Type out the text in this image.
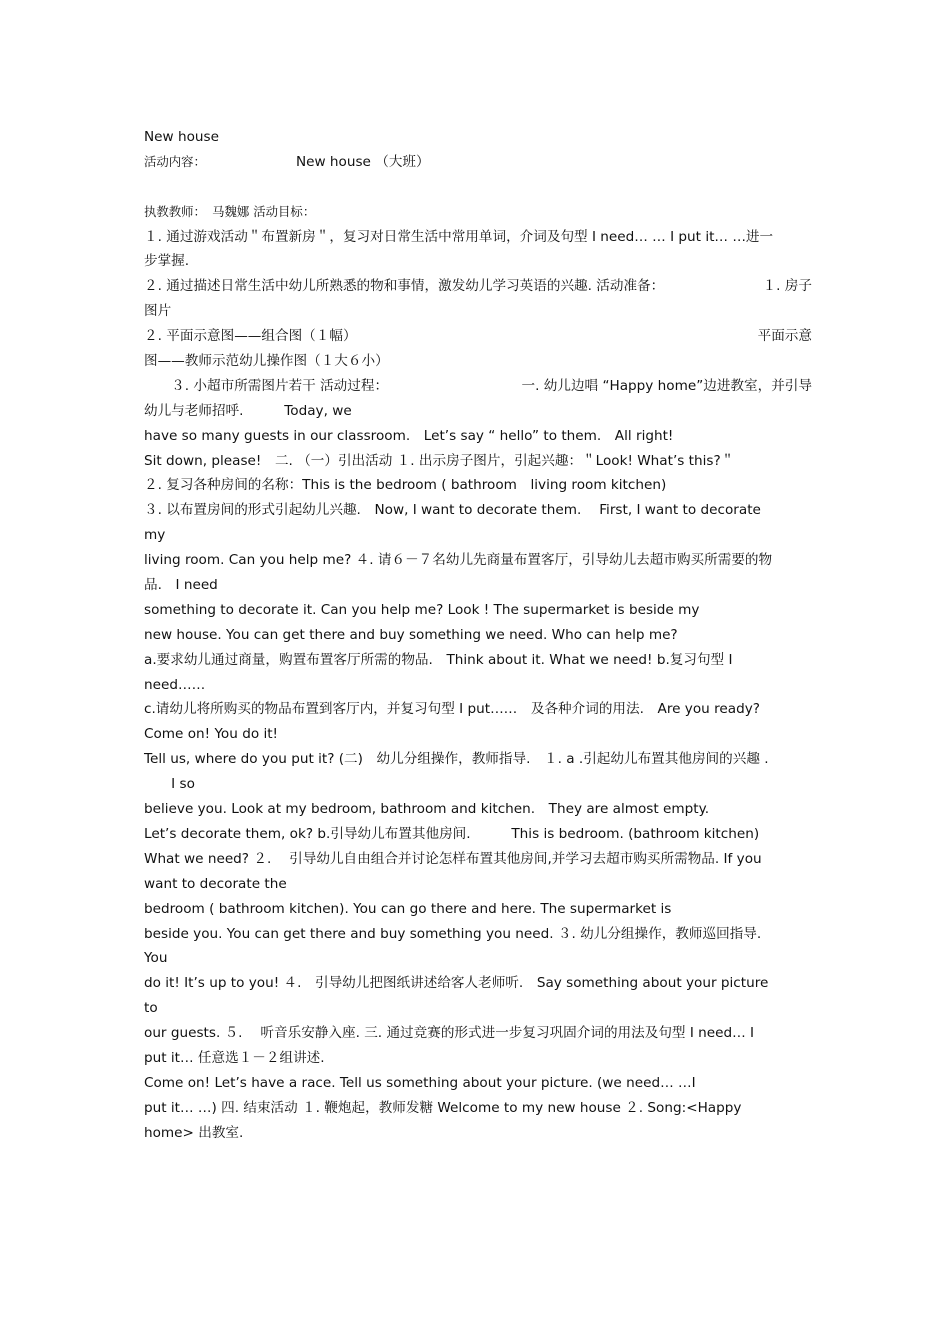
New house
活动内容：	New house （大班）
执教教师：　马魏娜 活动目标：
１. 通过游戏活动＂布置新房＂，复习对日常生活中常用单词，介词及句型 I need… … I put it… …进一
步掌握.
２. 通过描述日常生活中幼儿所熟悉的物和事情，激发幼儿学习英语的兴趣. 活动准备：	１. 房子
图片
２. 平面示意图——组合图（１幅）	平面示意
图——教师示范幼儿操作图（１大６小）
　　３. 小超市所需图片若干 活动过程：	一. 幼儿边唱 “Happy home”边进教室，并引导
幼儿与老师招呼.　　　Today, we
have so many guests in our classroom.　Let’s say “ hello” to them.　All right!
Sit down, please!　二. （一）引出活动 １. 出示房子图片，引起兴趣：＂Look! What’s this?＂
２. 复习各种房间的名称：This is the bedroom ( bathroom　living room kitchen)
３. 以布置房间的形式引起幼儿兴趣.　Now, I want to decorate them.　 First, I want to decorate
my
living room. Can you help me? ４. 请６－７名幼儿先商量布置客厅，引导幼儿去超市购买所需要的物
品.　I need
something to decorate it. Can you help me? Look ! The supermarket is beside my
new house. You can get there and buy something we need. Who can help me?
a.要求幼儿通过商量，购置布置客厅所需的物品.　Think about it. What we need! b.复习句型 I
need……
c.请幼儿将所购买的物品布置到客厅内，并复习句型 I put……　及各种介词的用法.　Are you ready?
Come on! You do it!
Tell us, where do you put it? (二)　幼儿分组操作，教师指导.　１. a .引起幼儿布置其他房间的兴趣 .
　　I so
believe you. Look at my bedroom, bathroom and kitchen.　They are almost empty.
Let’s decorate them, ok? b.引导幼儿布置其他房间.　　　This is bedroom. (bathroom kitchen)
What we need? ２.　 引导幼儿自由组合并讨论怎样布置其他房间,并学习去超市购买所需物品. If you
want to decorate the
bedroom ( bathroom kitchen). You can go there and here. The supermarket is
beside you. You can get there and buy something you need. ３. 幼儿分组操作，教师巡回指导.
You
do it! It’s up to you! ４.　引导幼儿把图纸讲述给客人老师听.　Say something about your picture
to
our guests. ５.　 听音乐安静入座. 三. 通过竞赛的形式进一步复习巩固介词的用法及句型 I need… I
put it… 任意选１－２组讲述.
Come on! Let’s have a race. Tell us something about your picture. (we need… …I
put it… …) 四. 结束活动 １. 鞭炮起，教师发糖 Welcome to my new house ２. Song:<Happy
home> 出教室.
